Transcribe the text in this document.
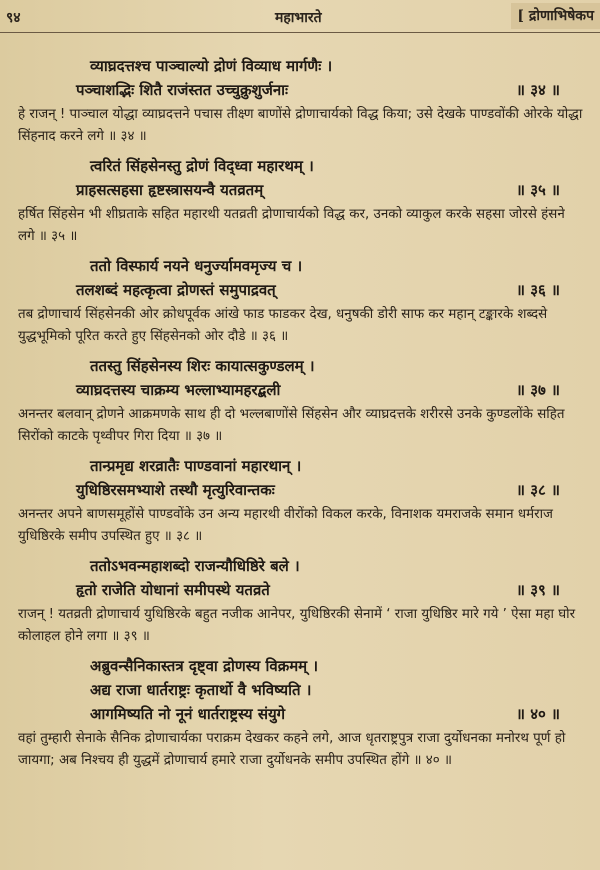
९४	महाभारते	[ द्रोणाभिषेकप
व्याघ्रदत्तश्च पाञ्चाल्यो द्रोणं विव्याध मार्गणैः ।
पञ्चाशद्भिः शितै राजंस्तत उच्चुक्रुशुर्जनाः	॥ ३४ ॥
हे राजन् ! पाञ्चाल योद्धा व्याघ्रदत्तने पचास तीक्ष्ण बाणोंसे द्रोणाचार्यको विद्ध किया; उसे देखके पाण्डवोंकी ओरके योद्धा सिंहनाद करने लगे ॥ ३४ ॥
त्वरितं सिंहसेनस्तु द्रोणं विद्ध्वा महारथम् ।
प्राहसत्सहसा हृष्टस्त्रासयन्वै यतव्रतम्	॥ ३५ ॥
हर्षित सिंहसेन भी शीघ्रताके सहित महारथी यतव्रती द्रोणाचार्यको विद्ध कर, उनको व्याकुल करके सहसा जोरसे हंसने लगे ॥ ३५ ॥
ततो विस्फार्य नयने धनुर्ज्यामवमृज्य च ।
तलशब्दं महत्कृत्वा द्रोणस्तं समुपाद्रवत्	॥ ३६ ॥
तब द्रोणाचार्य सिंहसेनकी ओर क्रोधपूर्वक आंखे फाड फाडकर देख, धनुषकी डोरी साफ कर महान् टङ्कारके शब्दसे युद्धभूमिको पूरित करते हुए सिंहसेनको ओर दौडे ॥ ३६ ॥
ततस्तु सिंहसेनस्य शिरः कायात्सकुण्डलम् ।
व्याघ्रदत्तस्य चाक्रम्य भल्लाभ्यामहरद्बली	॥ ३७ ॥
अनन्तर बलवान् द्रोणने आक्रमणके साथ ही दो भल्लबाणोंसे सिंहसेन और व्याघ्रदत्तके शरीरसे उनके कुण्डलोंके सहित सिरोंको काटके पृथ्वीपर गिरा दिया ॥ ३७ ॥
तान्प्रमृद्य शरव्रातैः पाण्डवानां महारथान् ।
युधिष्ठिरसमभ्याशे तस्थौ मृत्युरिवान्तकः	॥ ३८ ॥
अनन्तर अपने बाणसमूहोंसे पाण्डवोंके उन अन्य महारथी वीरोंको विकल करके, विनाशक यमराजके समान धर्मराज युधिष्ठिरके समीप उपस्थित हुए ॥ ३८ ॥
ततोऽभवन्महाशब्दो राजन्यौधिष्ठिरे बले ।
हृतो राजेति योधानां समीपस्थे यतव्रते	॥ ३९ ॥
राजन् ! यतव्रती द्रोणाचार्य युधिष्ठिरके बहुत नजीक आनेपर, युधिष्ठिरकी सेनामें ‘ राजा युधिष्ठिर मारे गये ’ ऐसा महा घोर कोलाहल होने लगा ॥ ३९ ॥
अब्रुवन्सैनिकास्तत्र दृष्ट्वा द्रोणस्य विक्रमम् ।
अद्य राजा धार्तराष्ट्रः कृतार्थो वै भविष्यति ।
आगमिष्यति नो नूनं धार्तराष्ट्रस्य संयुगे	॥ ४० ॥
वहां तुम्हारी सेनाके सैनिक द्रोणाचार्यका पराक्रम देखकर कहने लगे, आज धृतराष्ट्रपुत्र राजा दुर्योधनका मनोरथ पूर्ण हो जायगा; अब निश्चय ही युद्धमें द्रोणाचार्य हमारे राजा दुर्योधनके समीप उपस्थित होंगे ॥ ४० ॥
